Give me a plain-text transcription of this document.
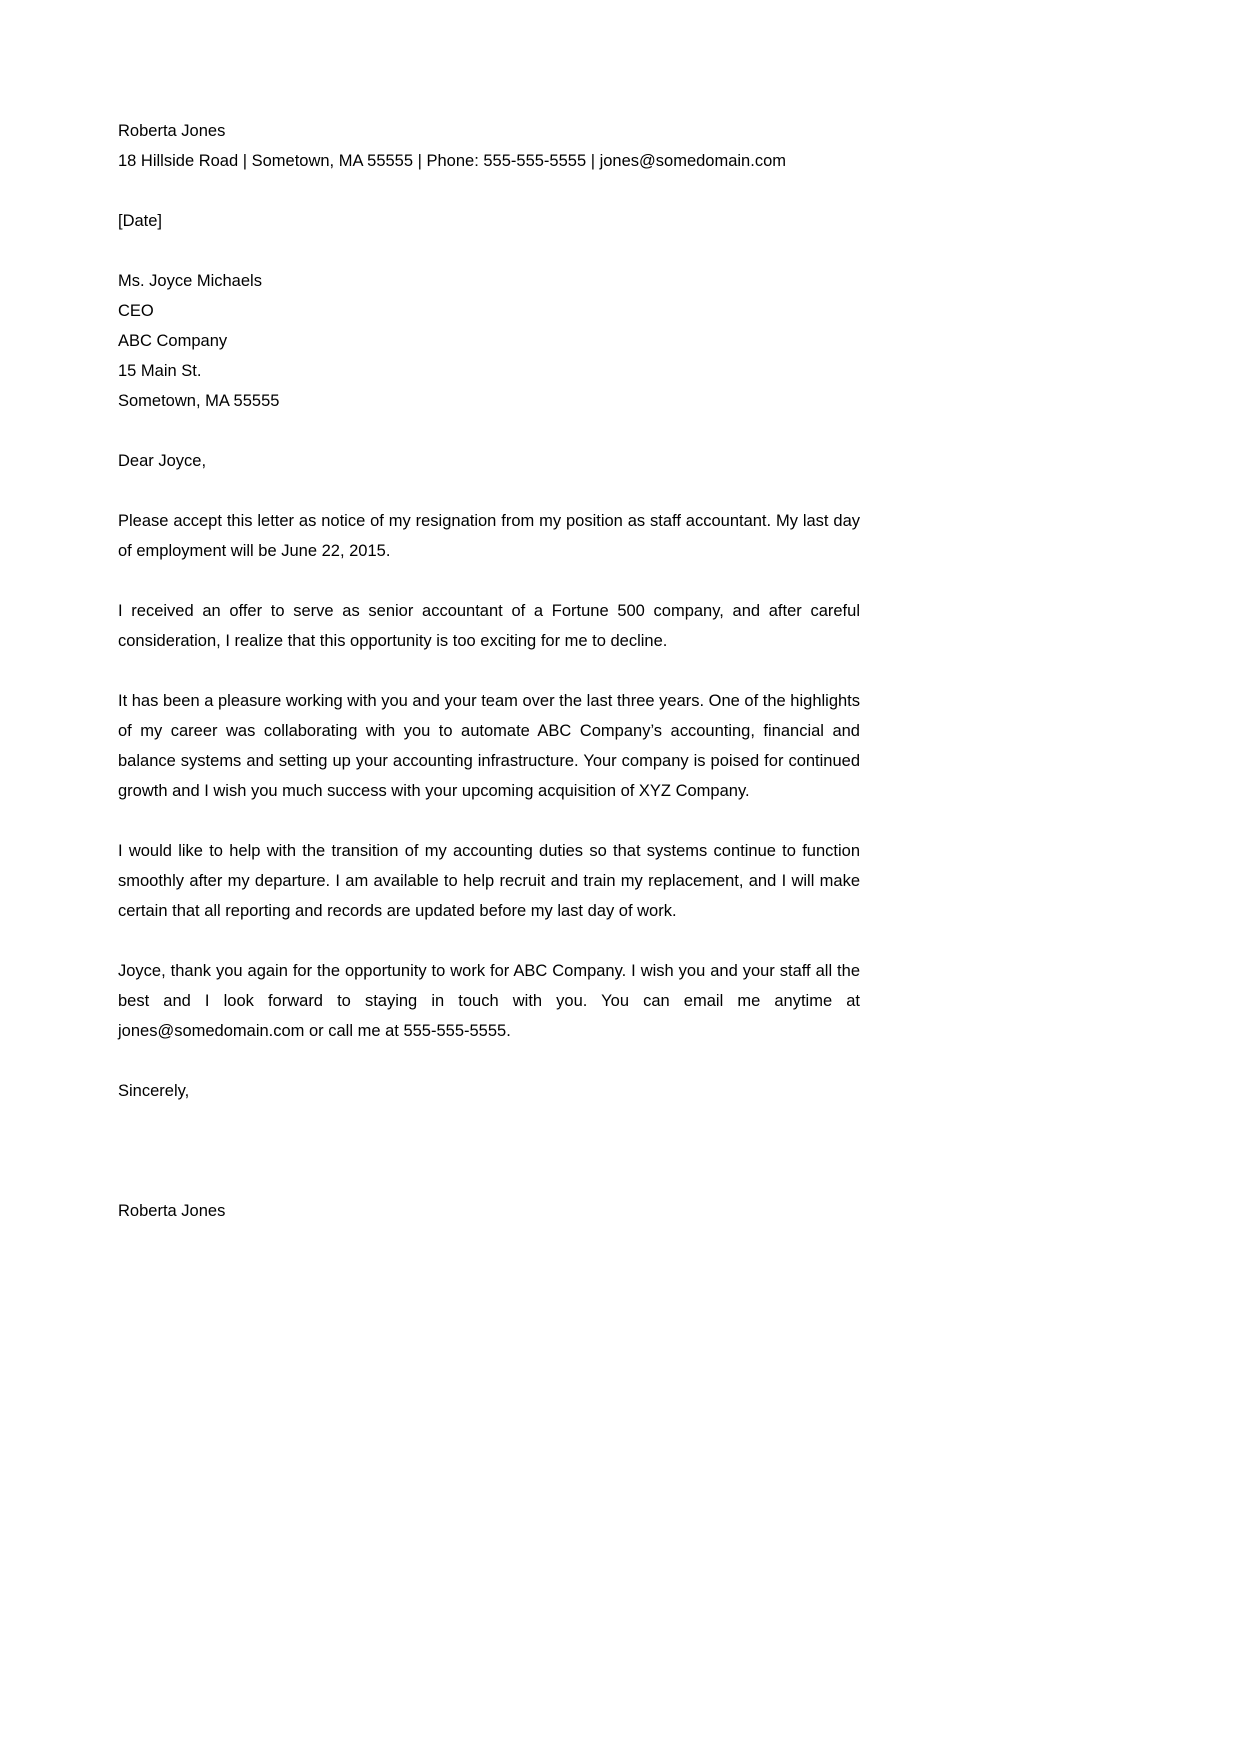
Roberta Jones

18 Hillside Road | Sometown, MA 55555 | Phone: 555-555-5555 | jones@somedomain.com

[Date]

Ms. Joyce Michaels

CEO

ABC Company

15 Main St.

Sometown, MA 55555

Dear Joyce,

Please accept this letter as notice of my resignation from my position as staff accountant. My last day of employment will be June 22, 2015.

I received an offer to serve as senior accountant of a Fortune 500 company, and after careful consideration, I realize that this opportunity is too exciting for me to decline.

It has been a pleasure working with you and your team over the last three years. One of the highlights of my career was collaborating with you to automate ABC Company’s accounting, financial and balance systems and setting up your accounting infrastructure. Your company is poised for continued growth and I wish you much success with your upcoming acquisition of XYZ Company.

I would like to help with the transition of my accounting duties so that systems continue to function smoothly after my departure. I am available to help recruit and train my replacement, and I will make certain that all reporting and records are updated before my last day of work.

Joyce, thank you again for the opportunity to work for ABC Company. I wish you and your staff all the best and I look forward to staying in touch with you. You can email me anytime at jones@somedomain.com or call me at 555-555-5555.

Sincerely,

Roberta Jones
